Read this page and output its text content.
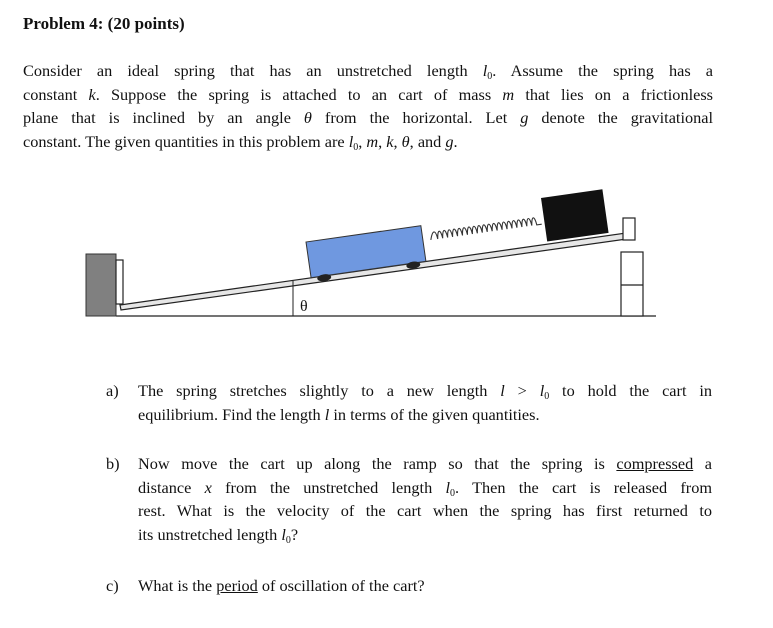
Problem 4: (20 points)
Consider an ideal spring that has an unstretched length $l_0$. Assume the spring has a
constant k. Suppose the spring is attached to an cart of mass m that lies on a frictionless
plane that is inclined by an angle θ from the horizontal. Let g denote the gravitational
constant. The given quantities in this problem are $l_0$, m, k, θ, and g.
θ
a) The spring stretches slightly to a new length $l > l_0$ to hold the cart in
equilibrium. Find the length l in terms of the given quantities.
b) Now move the cart up along the ramp so that the spring is compressed a
distance x from the unstretched length $l_0$. Then the cart is released from
rest. What is the velocity of the cart when the spring has first returned to
its unstretched length $l_0$?
c) What is the period of oscillation of the cart?
